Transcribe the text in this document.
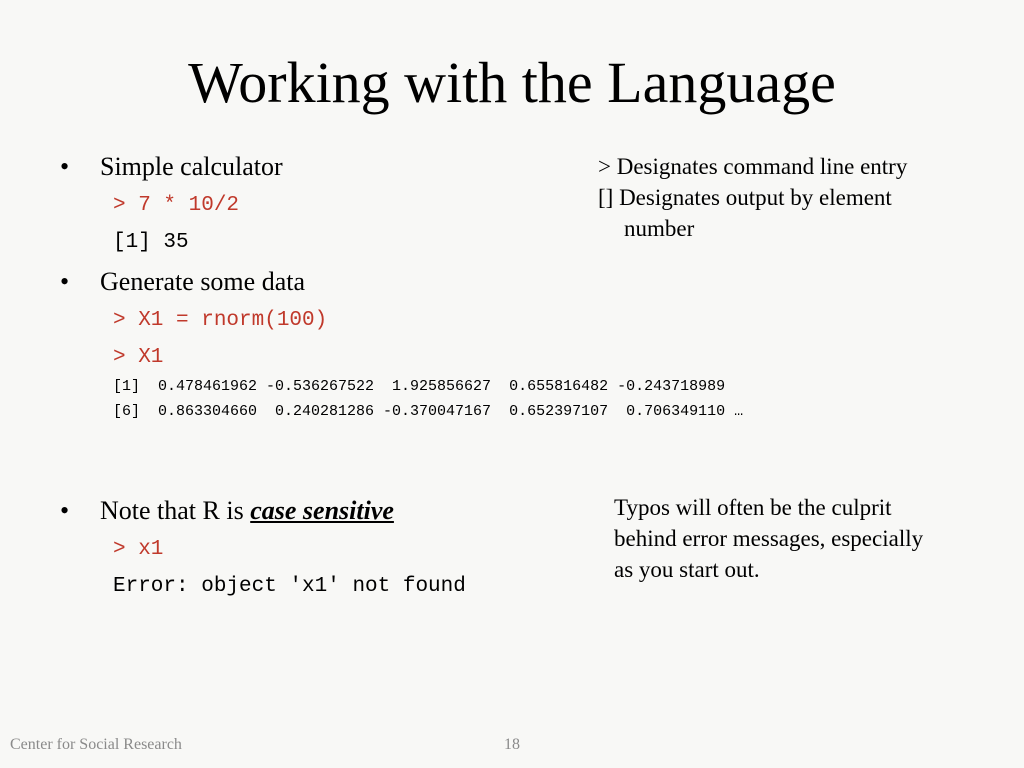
Working with the Language
• Simple calculator
> 7 * 10/2
[1] 35
• Generate some data
> X1 = rnorm(100)
> X1
[1]  0.478461962 -0.536267522  1.925856627  0.655816482 -0.243718989
[6]  0.863304660  0.240281286 -0.370047167  0.652397107  0.706349110 …
• Note that R is case sensitive
> x1
Error: object 'x1' not found
> Designates command line entry
[] Designates output by element
number
Typos will often be the culprit
behind error messages, especially
as you start out.
Center for Social Research	18
